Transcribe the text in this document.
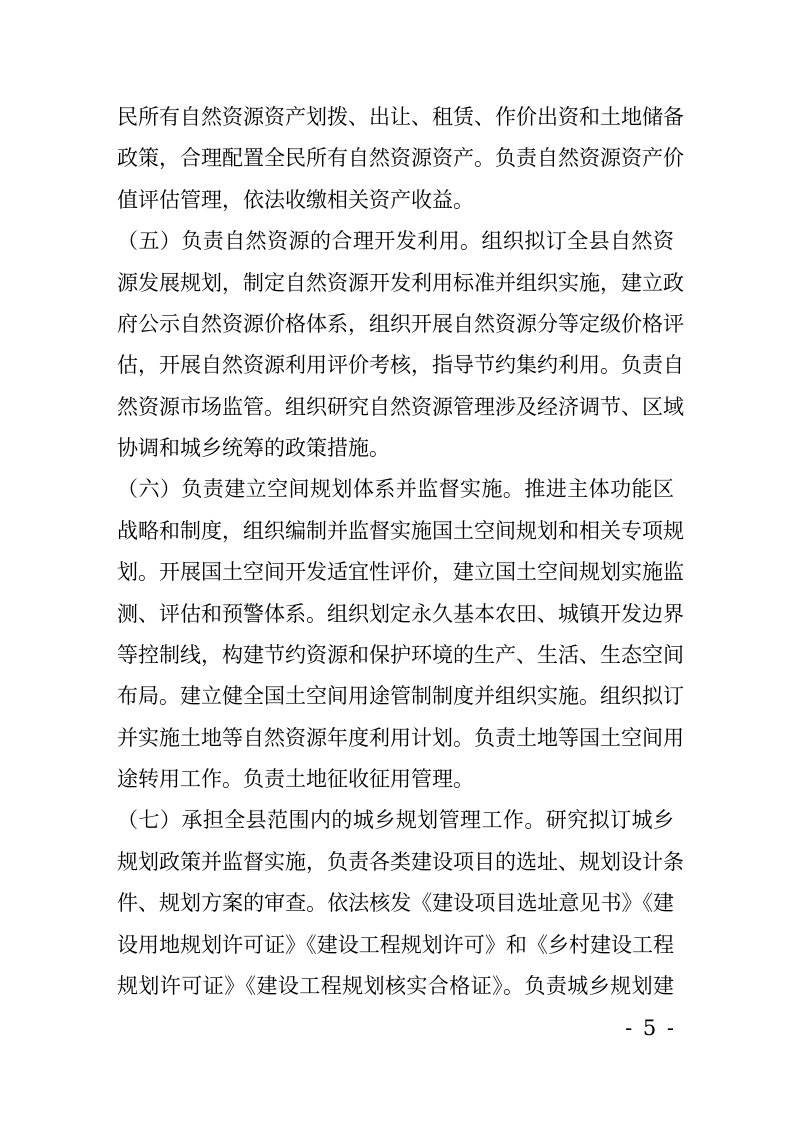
民所有自然资源资产划拨、出让、租赁、作价出资和土地储备
政策，合理配置全民所有自然资源资产。负责自然资源资产价
值评估管理，依法收缴相关资产收益。
（五）负责自然资源的合理开发利用。组织拟订全县自然资
源发展规划，制定自然资源开发利用标准并组织实施，建立政
府公示自然资源价格体系，组织开展自然资源分等定级价格评
估，开展自然资源利用评价考核，指导节约集约利用。负责自
然资源市场监管。组织研究自然资源管理涉及经济调节、区域
协调和城乡统筹的政策措施。
（六）负责建立空间规划体系并监督实施。推进主体功能区
战略和制度，组织编制并监督实施国土空间规划和相关专项规
划。开展国土空间开发适宜性评价，建立国土空间规划实施监
测、评估和预警体系。组织划定永久基本农田、城镇开发边界
等控制线，构建节约资源和保护环境的生产、生活、生态空间
布局。建立健全国土空间用途管制制度并组织实施。组织拟订
并实施土地等自然资源年度利用计划。负责土地等国土空间用
途转用工作。负责土地征收征用管理。
（七）承担全县范围内的城乡规划管理工作。研究拟订城乡
规划政策并监督实施，负责各类建设项目的选址、规划设计条
件、规划方案的审查。依法核发《建设项目选址意见书》《建
设用地规划许可证》《建设工程规划许可》和《乡村建设工程
规划许可证》《建设工程规划核实合格证》。负责城乡规划建
- 5 -
